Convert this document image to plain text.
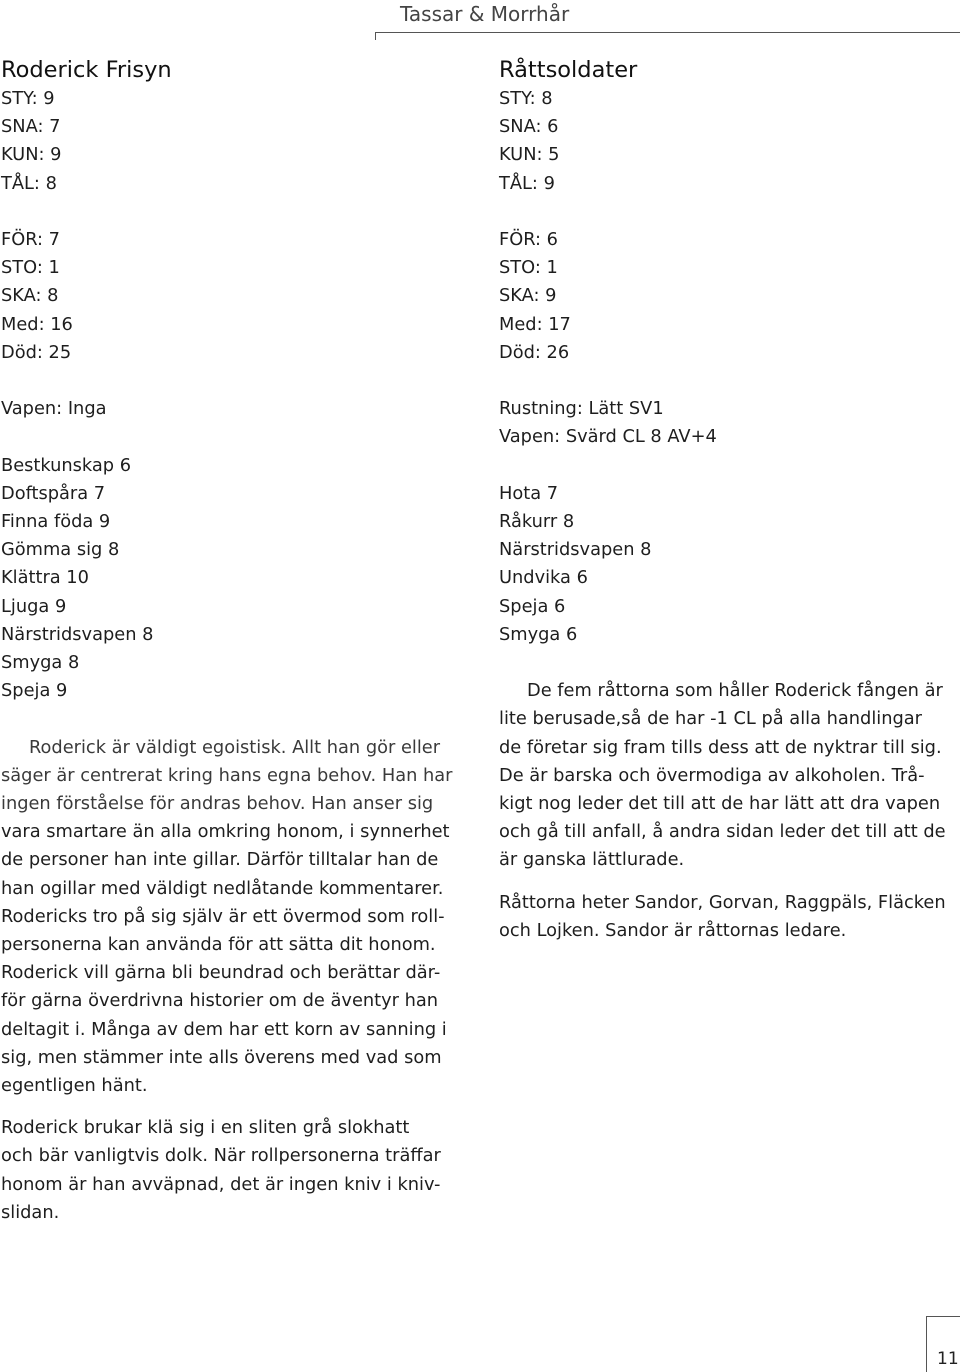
Tassar & Morrhår
Roderick Frisyn
STY: 9
SNA: 7
KUN: 9
TÅL: 8
FÖR: 7
STO: 1
SKA: 8
Med: 16
Död: 25
Vapen: Inga
Bestkunskap 6
Doftspåra 7
Finna föda 9
Gömma sig 8
Klättra 10
Ljuga 9
Närstridsvapen 8
Smyga 8
Speja 9
Roderick är väldigt egoistisk. Allt han gör eller
säger är centrerat kring hans egna behov. Han har
ingen förståelse för andras behov. Han anser sig
vara smartare än alla omkring honom, i synnerhet
de personer han inte gillar. Därför tilltalar han de
han ogillar med väldigt nedlåtande kommentarer.
Rodericks tro på sig själv är ett övermod som roll-
personerna kan använda för att sätta dit honom.
Roderick vill gärna bli beundrad och berättar där-
för gärna överdrivna historier om de äventyr han
deltagit i. Många av dem har ett korn av sanning i
sig, men stämmer inte alls överens med vad som
egentligen hänt.
Roderick brukar klä sig i en sliten grå slokhatt
och bär vanligtvis dolk. När rollpersonerna träffar
honom är han avväpnad, det är ingen kniv i kniv-
slidan.
Råttsoldater
STY: 8
SNA: 6
KUN: 5
TÅL: 9
FÖR: 6
STO: 1
SKA: 9
Med: 17
Död: 26
Rustning: Lätt SV1
Vapen: Svärd CL 8 AV+4
Hota 7
Råkurr 8
Närstridsvapen 8
Undvika 6
Speja 6
Smyga 6
De fem råttorna som håller Roderick fången är
lite berusade,så de har -1 CL på alla handlingar
de företar sig fram tills dess att de nyktrar till sig.
De är barska och övermodiga av alkoholen. Trå-
kigt nog leder det till att de har lätt att dra vapen
och gå till anfall, å andra sidan leder det till att de
är ganska lättlurade.
Råttorna heter Sandor, Gorvan, Raggpäls, Fläcken
och Lojken. Sandor är råttornas ledare.
11
